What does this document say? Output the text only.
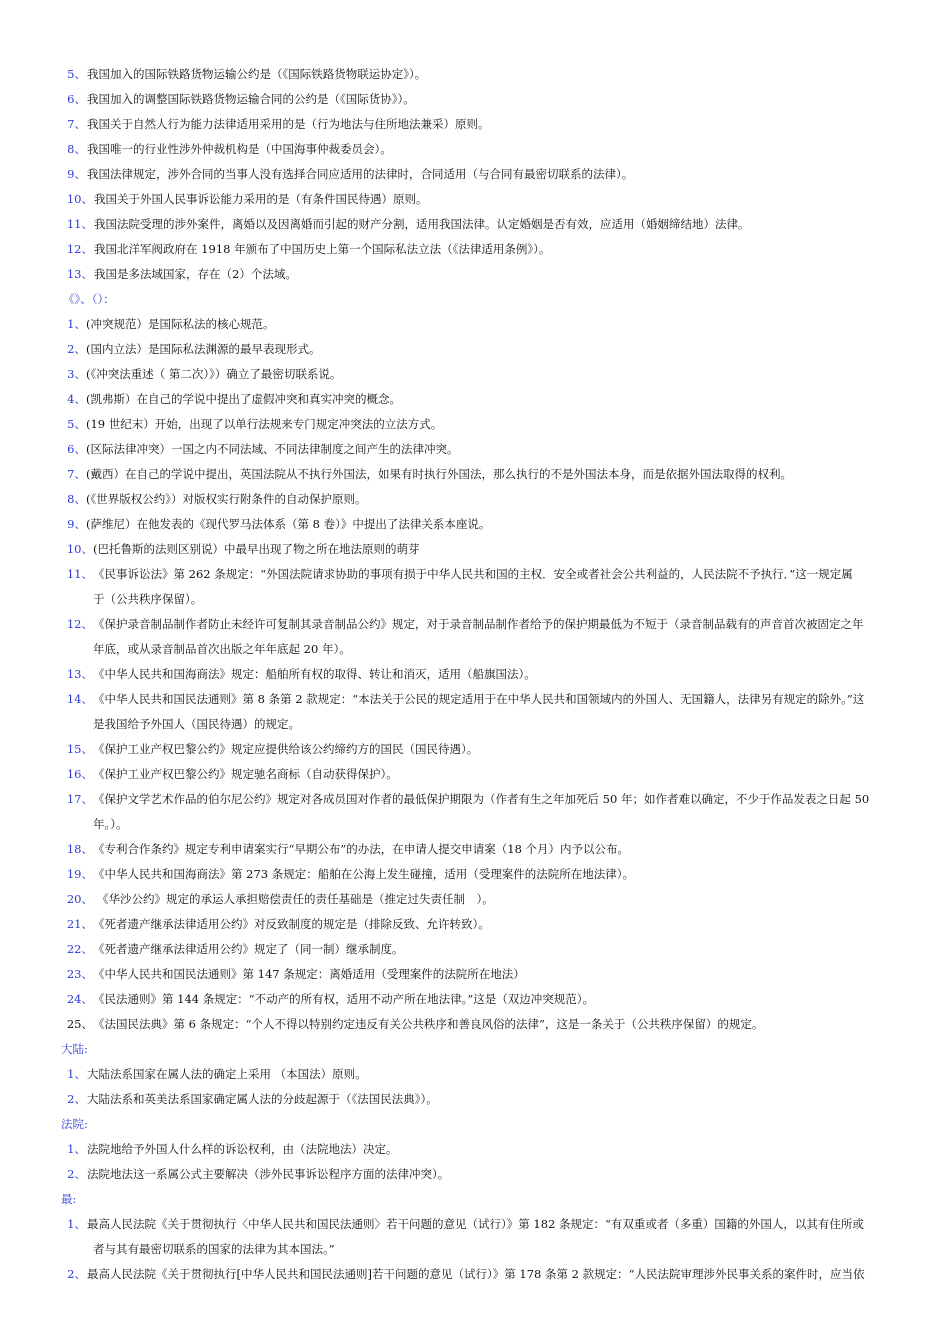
5、 我国加入的国际铁路货物运输公约是（《国际铁路货物联运协定》）。
6、 我国加入的调整国际铁路货物运输合同的公约是（《国际货协》）。
7、 我国关于自然人行为能力法律适用采用的是（行为地法与住所地法兼采）原则。
8、 我国唯一的行业性涉外仲裁机构是（中国海事仲裁委员会）。
9、 我国法律规定，涉外合同的当事人没有选择合同应适用的法律时，合同适用（与合同有最密切联系的法律）。
10、 我国关于外国人民事诉讼能力采用的是（有条件国民待遇）原则。
11、 我国法院受理的涉外案件，离婚以及因离婚而引起的财产分割，适用我国法律。认定婚姻是否有效，应适用（婚姻缔结地）法律。
12、 我国北洋军阀政府在 1918 年颁布了中国历史上第一个国际私法立法（《法律适用条例》）。
13、 我国是多法域国家，存在（2）个法域。
《》、（）：
1、 (冲突规范）是国际私法的核心规范。
2、 (国内立法）是国际私法渊源的最早表现形式。
3、 (《冲突法重述（ 第二次）》）确立了最密切联系说。
4、 (凯弗斯）在自己的学说中提出了虚假冲突和真实冲突的概念。
5、 (19 世纪末）开始，出现了以单行法规来专门规定冲突法的立法方式。
6、 (区际法律冲突）一国之内不同法域、不同法律制度之间产生的法律冲突。
7、 (戴西）在自己的学说中提出，英国法院从不执行外国法，如果有时执行外国法，那么执行的不是外国法本身，而是依据外国法取得的权利。
8、 (《世界版权公约》）对版权实行附条件的自动保护原则。
9、 (萨维尼）在他发表的《现代罗马法体系（第 8 卷）》中提出了法律关系本座说。
10、 (巴托鲁斯的法则区别说）中最早出现了物之所在地法原则的萌芽
11、 《民事诉讼法》第 262 条规定：“外国法院请求协助的事项有损于中华人民共和国的主权．安全或者社会公共利益的，人民法院不予执行．”这一规定属
于（公共秩序保留）。
12、 《保护录音制品制作者防止未经许可复制其录音制品公约》规定，对于录音制品制作者给予的保护期最低为不短于（录音制品载有的声音首次被固定之年
年底，或从录音制品首次出版之年年底起 20 年）。
13、 《中华人民共和国海商法》规定：船舶所有权的取得、转让和消灭，适用（船旗国法）。
14、 《中华人民共和国民法通则》第 8 条第 2 款规定：“本法关于公民的规定适用于在中华人民共和国领域内的外国人、无国籍人，法律另有规定的除外。”这
是我国给予外国人（国民待遇）的规定。
15、 《保护工业产权巴黎公约》规定应提供给该公约缔约方的国民（国民待遇）。
16、 《保护工业产权巴黎公约》规定驰名商标（自动获得保护）。
17、 《保护文学艺术作品的伯尔尼公约》规定对各成员国对作者的最低保护期限为（作者有生之年加死后 50 年；如作者难以确定，不少于作品发表之日起 50
年。）。
18、 《专利合作条约》规定专利申请案实行“早期公布”的办法，在申请人提交申请案（18 个月）内予以公布。
19、 《中华人民共和国海商法》第 273 条规定：船舶在公海上发生碰撞，适用（受理案件的法院所在地法律）。
20、 《华沙公约》规定的承运人承担赔偿责任的责任基础是（推定过失责任制　）。
21、 《死者遗产继承法律适用公约》对反致制度的规定是（排除反致、允许转致）。
22、 《死者遗产继承法律适用公约》规定了（同一制）继承制度。
23、 《中华人民共和国民法通则》第 147 条规定：离婚适用（受理案件的法院所在地法）
24、 《民法通则》第 144 条规定：“不动产的所有权，适用不动产所在地法律。”这是（双边冲突规范）。
25、 《法国民法典》第 6 条规定：“个人不得以特别约定违反有关公共秩序和善良风俗的法律”，这是一条关于（公共秩序保留）的规定。
大陆:
1、 大陆法系国家在属人法的确定上采用 （本国法）原则。
2、 大陆法系和英美法系国家确定属人法的分歧起源于（《法国民法典》）。
法院:
1、 法院地给予外国人什么样的诉讼权利，由（法院地法）决定。
2、 法院地法这一系属公式主要解决（涉外民事诉讼程序方面的法律冲突）。
最:
1、 最高人民法院《关于贯彻执行〈中华人民共和国民法通则〉若干问题的意见（试行）》第 182 条规定：“有双重或者（多重）国籍的外国人，以其有住所或
者与其有最密切联系的国家的法律为其本国法。”
2、 最高人民法院《关于贯彻执行[中华人民共和国民法通则]若干问题的意见（试行）》第 178 条第 2 款规定：“人民法院审理涉外民事关系的案件时，应当依
